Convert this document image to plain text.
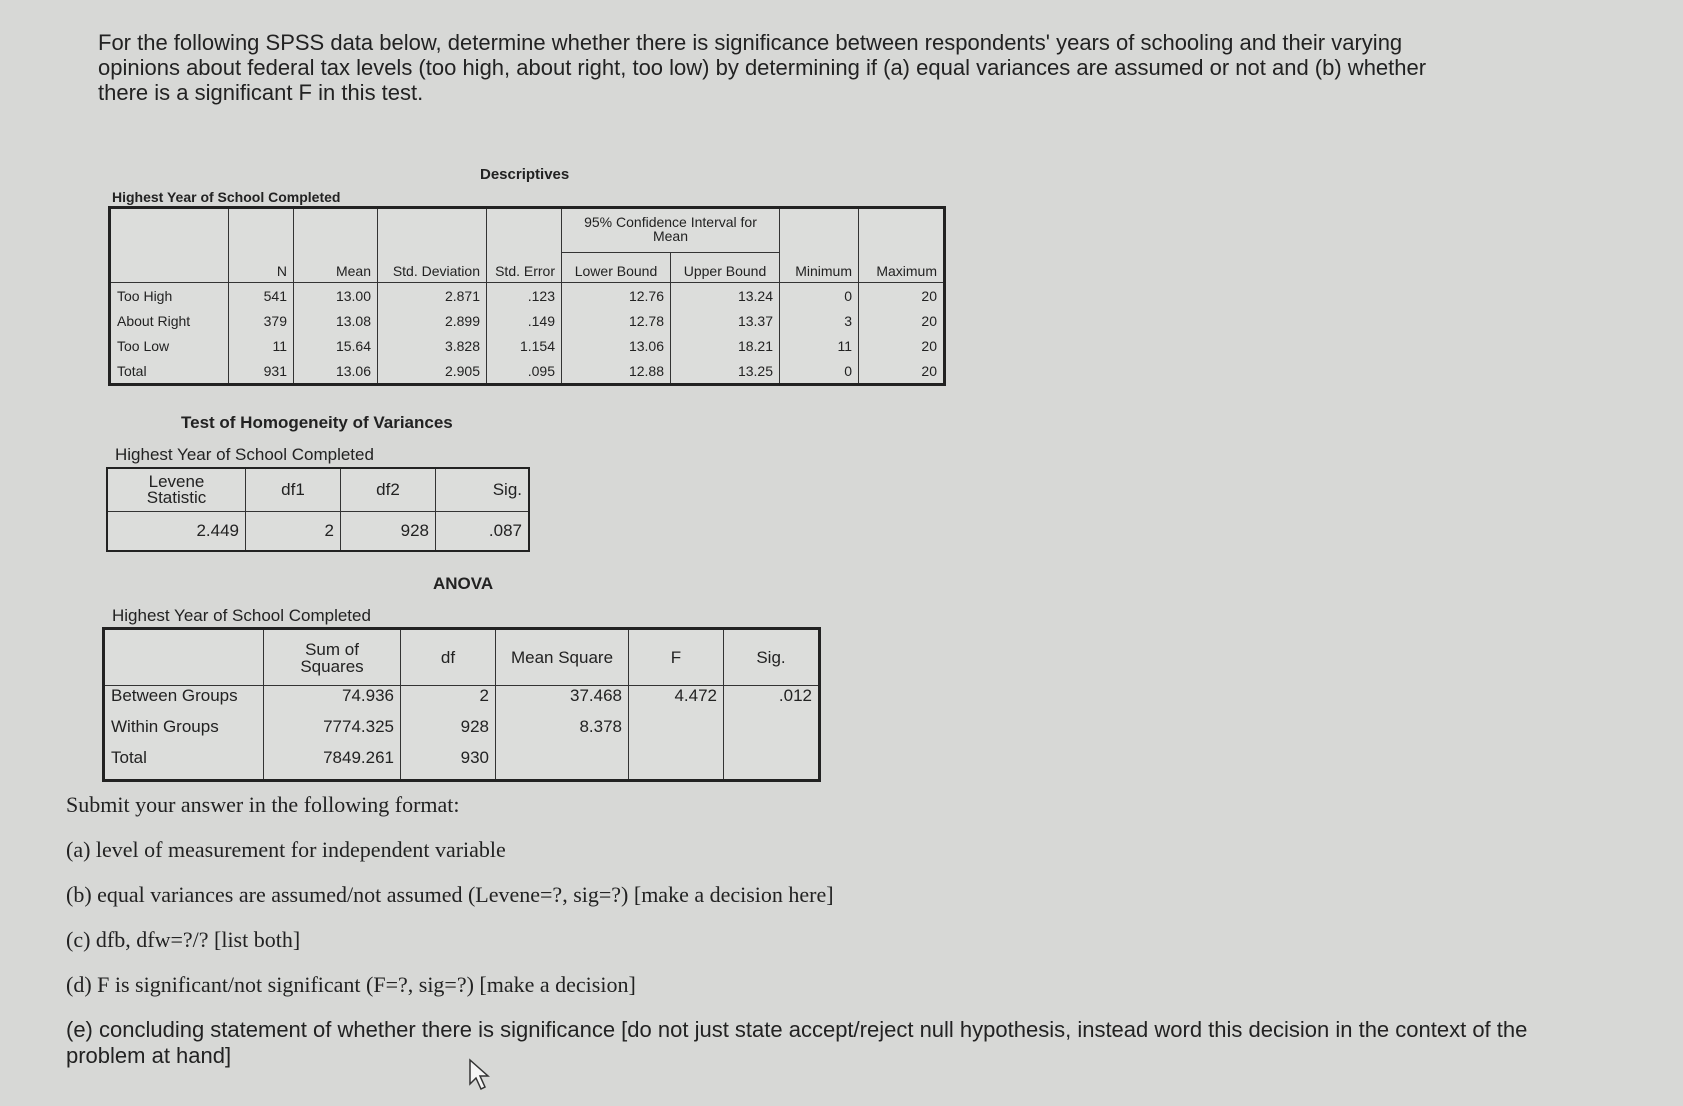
For the following SPSS data below, determine whether there is significance between respondents' years of schooling and their varying opinions about federal tax levels (too high, about right, too low) by determining if (a) equal variances are assumed or not and (b) whether there is a significant F in this test.
Descriptives
Highest Year of School Completed
	N	Mean	Std. Deviation	Std. Error	95% Confidence Interval for Mean		Minimum	Maximum
					Lower Bound	Upper Bound		
Too High	541	13.00	2.871	.123	12.76	13.24	0	20
About Right	379	13.08	2.899	.149	12.78	13.37	3	20
Too Low	11	15.64	3.828	1.154	13.06	18.21	11	20
Total	931	13.06	2.905	.095	12.88	13.25	0	20
Test of Homogeneity of Variances
Highest Year of School Completed
Levene Statistic	df1	df2	Sig.
2.449	2	928	.087
ANOVA
Highest Year of School Completed
	Sum of Squares	df	Mean Square	F	Sig.
Between Groups	74.936	2	37.468	4.472	.012
Within Groups	7774.325	928	8.378		
Total	7849.261	930			

Submit your answer in the following format:

(a) level of measurement for independent variable

(b) equal variances are assumed/not assumed (Levene=?, sig=?) [make a decision here]

(c) dfb, dfw=?/? [list both]

(d) F is significant/not significant (F=?, sig=?) [make a decision]

(e) concluding statement of whether there is significance [do not just state accept/reject null hypothesis, instead word this decision in the context of the problem at hand]
